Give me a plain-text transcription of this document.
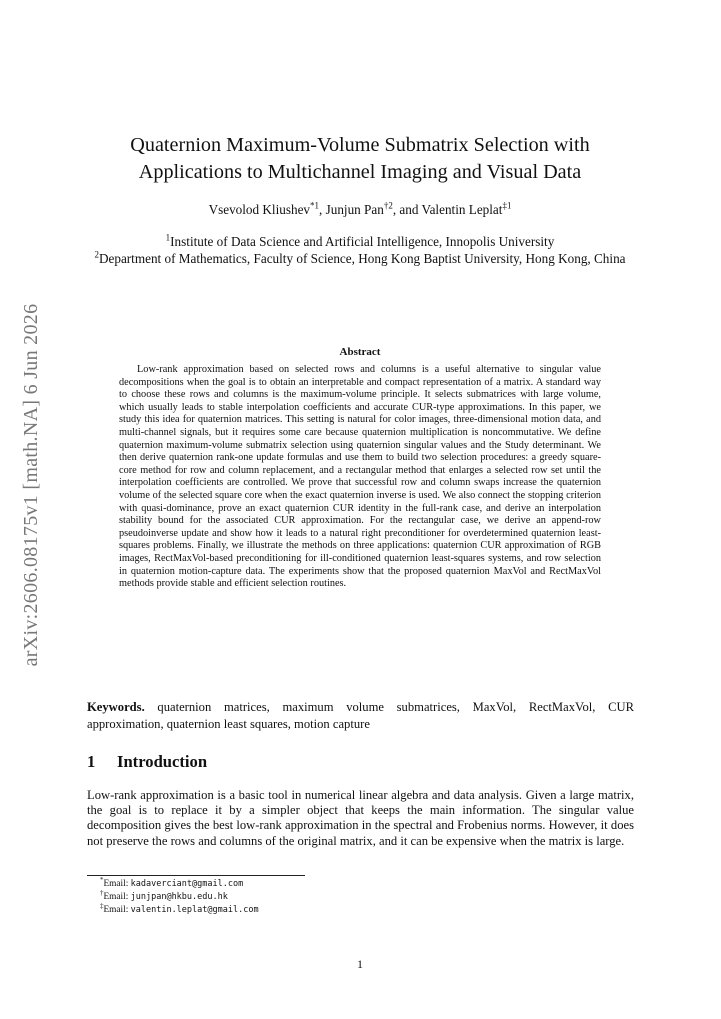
arXiv:2606.08175v1 [math.NA] 6 Jun 2026
Quaternion Maximum-Volume Submatrix Selection with
Applications to Multichannel Imaging and Visual Data
Vsevolod Kliushev$^{*1}$, Junjun Pan$^{\dagger 2}$, and Valentin Leplat$^{\ddagger 1}$
$^1$Institute of Data Science and Artificial Intelligence, Innopolis University
$^2$Department of Mathematics, Faculty of Science, Hong Kong Baptist University, Hong Kong, China
Abstract
Low-rank approximation based on selected rows and columns is a useful alternative to singular value decompositions when the goal is to obtain an interpretable and compact representation of a matrix. A standard way to choose these rows and columns is the maximum-volume principle. It selects submatrices with large volume, which usually leads to stable interpolation coefficients and accurate CUR-type approximations. In this paper, we study this idea for quaternion matrices. This setting is natural for color images, three-dimensional motion data, and multi-channel signals, but it requires some care because quaternion multiplication is noncommutative. We define quaternion maximum-volume submatrix selection using quaternion singular values and the Study determinant. We then derive quaternion rank-one update formulas and use them to build two selection procedures: a greedy square-core method for row and column replacement, and a rectangular method that enlarges a selected row set until the interpolation coefficients are controlled. We prove that successful row and column swaps increase the quaternion volume of the selected square core when the exact quaternion inverse is used. We also connect the stopping criterion with quasi-dominance, prove an exact quaternion CUR identity in the full-rank case, and derive an interpolation stability bound for the associated CUR approximation. For the rectangular case, we derive an append-row pseudoinverse update and show how it leads to a natural right preconditioner for overdetermined quaternion least-squares problems. Finally, we illustrate the methods on three applications: quaternion CUR approximation of RGB images, RectMaxVol-based preconditioning for ill-conditioned quaternion least-squares systems, and row selection in quaternion motion-capture data. The experiments show that the proposed quaternion MaxVol and RectMaxVol methods provide stable and efficient selection routines.
Keywords. quaternion matrices, maximum volume submatrices, MaxVol, RectMaxVol, CUR approximation, quaternion least squares, motion capture
1 Introduction
Low-rank approximation is a basic tool in numerical linear algebra and data analysis. Given a large matrix, the goal is to replace it by a simpler object that keeps the main information. The singular value decomposition gives the best low-rank approximation in the spectral and Frobenius norms. However, it does not preserve the rows and columns of the original matrix, and it can be expensive when the matrix is large.
*Email: kadaverciant@gmail.com
†Email: junjpan@hkbu.edu.hk
‡Email: valentin.leplat@gmail.com
1
